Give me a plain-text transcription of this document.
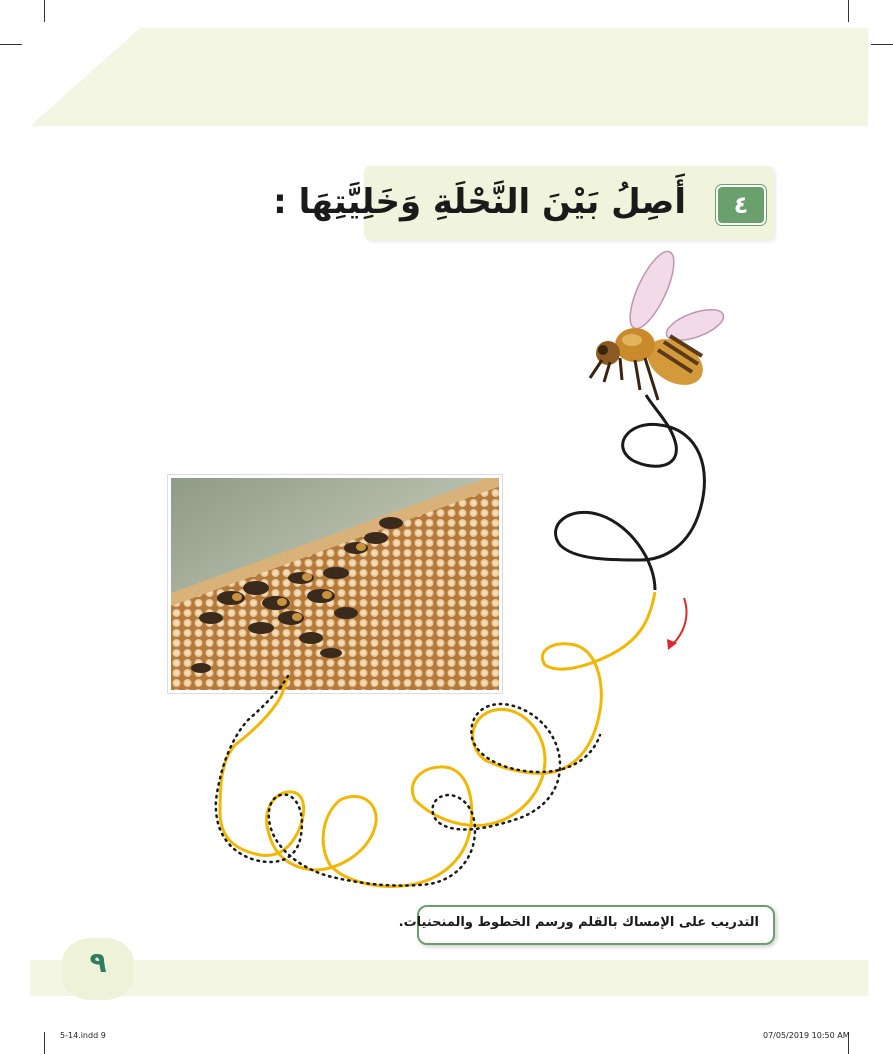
أَصِلُ بَيْنَ النَّحْلَةِ وَخَلِيَّتِهَا :	٤
التدريب على الإمساك بالقلم ورسم الخطوط والمنحنيات.
٩
5-14.indd 9	07/05/2019 10:50 AM
